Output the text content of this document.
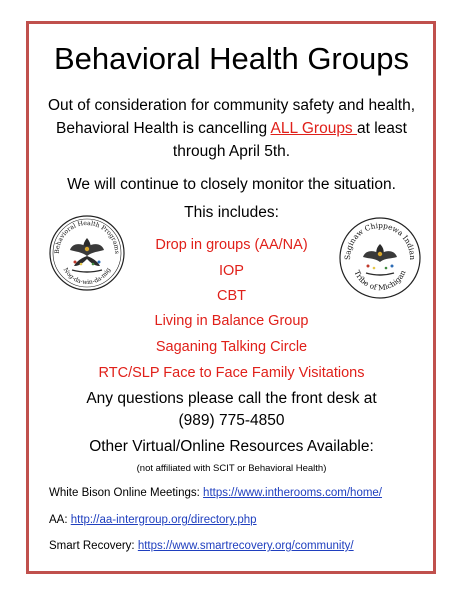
Behavioral Health Groups
Out of consideration for community safety and health,
Behavioral Health is cancelling ALL Groups at least
through April 5th.
We will continue to closely monitor the situation.
This includes:
Drop in groups (AA/NA)
IOP
CBT
Living in Balance Group
Saganing Talking Circle
RTC/SLP Face to Face Family Visitations
Any questions please call the front desk at
(989) 775-4850
Other Virtual/Online Resources Available:
(not affiliated with SCIT or Behavioral Health)
White Bison Online Meetings: https://www.intherooms.com/home/
AA: http://aa-intergroup.org/directory.php
Smart Recovery: https://www.smartrecovery.org/community/
Behavioral Health Programs
Nog-da-win-da-mig
Saginaw Chippewa Indian
Tribe of Michigan
